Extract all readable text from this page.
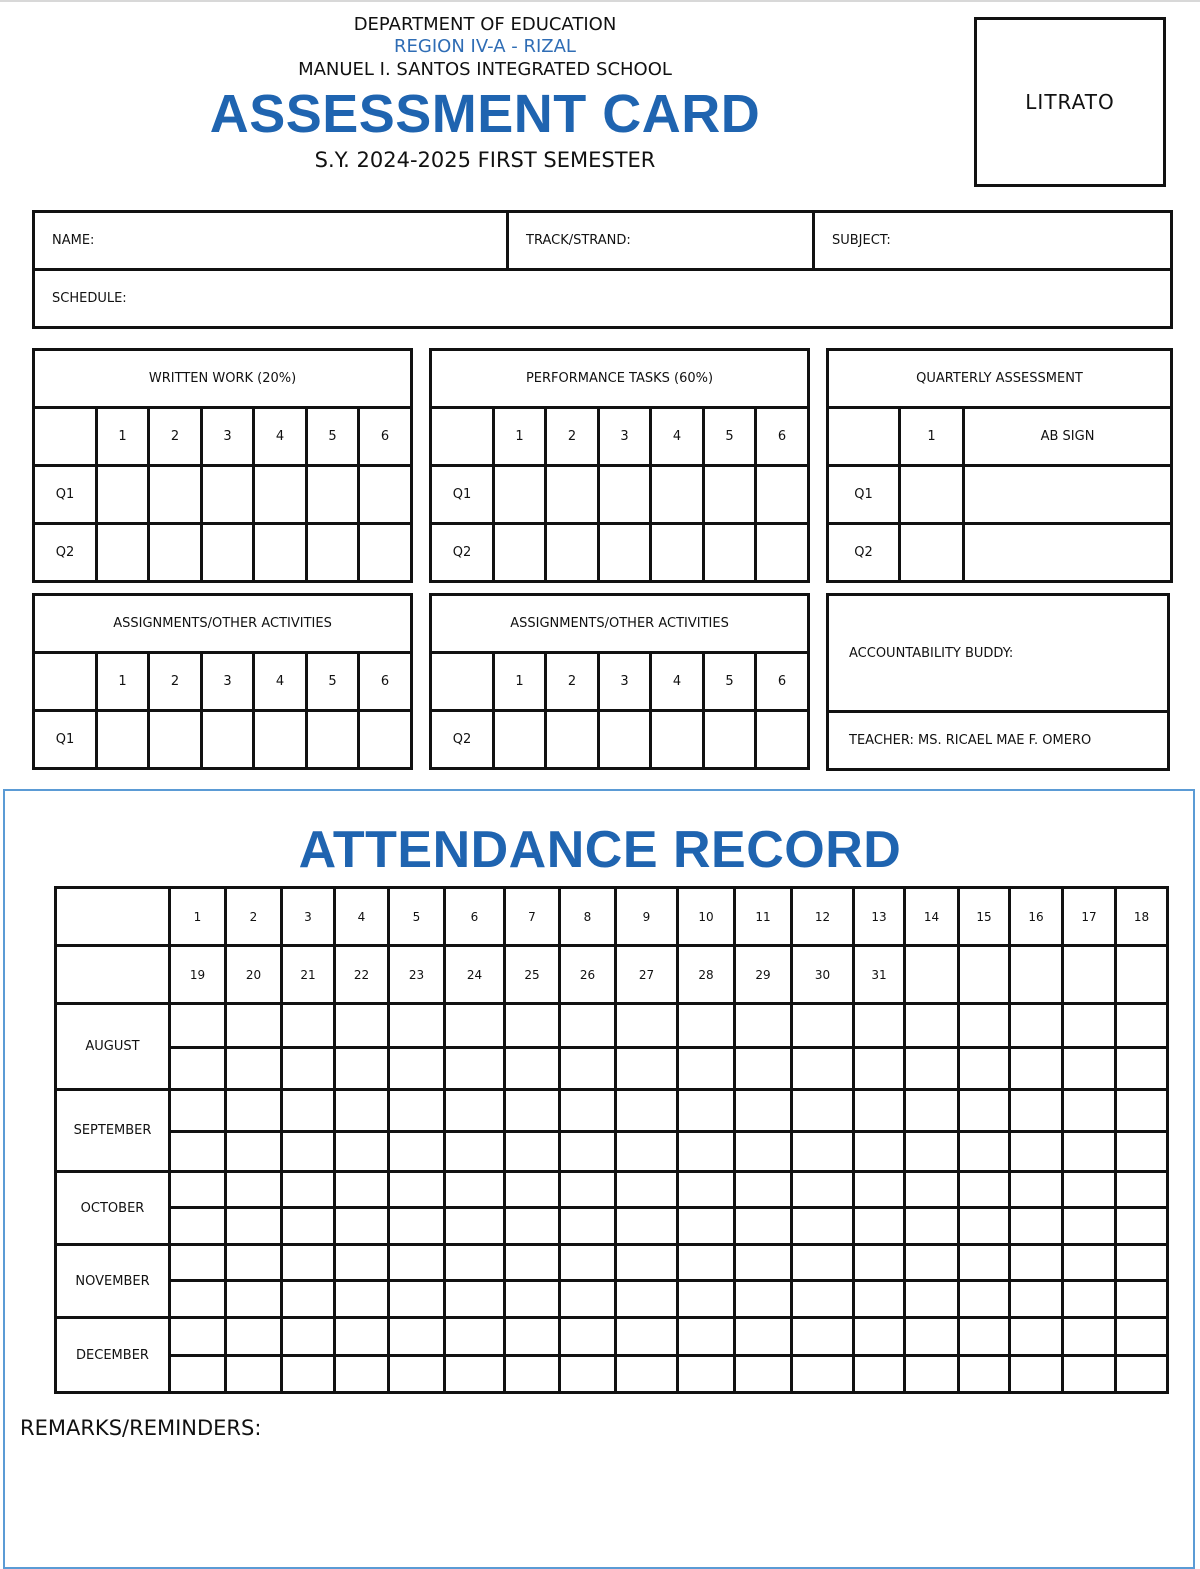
DEPARTMENT OF EDUCATION
REGION IV-A - RIZAL
MANUEL I. SANTOS INTEGRATED SCHOOL
ASSESSMENT CARD
S.Y. 2024-2025 FIRST SEMESTER
LITRATO
NAME:	TRACK/STRAND:	SUBJECT:
SCHEDULE:
WRITTEN WORK (20%)						
	1	2	3	4	5	6
Q1						
Q2						
PERFORMANCE TASKS (60%)						
	1	2	3	4	5	6
Q1						
Q2						
QUARTERLY ASSESSMENT		
	1	AB SIGN
Q1		
Q2		
ASSIGNMENTS/OTHER ACTIVITIES						
	1	2	3	4	5	6
Q1						
ASSIGNMENTS/OTHER ACTIVITIES						
	1	2	3	4	5	6
Q2						
ACCOUNTABILITY BUDDY:
TEACHER: MS. RICAEL MAE F. OMERO
ATTENDANCE RECORD
	1	2	3	4	5	6	7	8	9	10	11	12	13	14	15	16	17	18
	19	20	21	22	23	24	25	26	27	28	29	30	31					
AUGUST																		

SEPTEMBER																		

OCTOBER																		

NOVEMBER																		

DECEMBER																		

REMARKS/REMINDERS:
